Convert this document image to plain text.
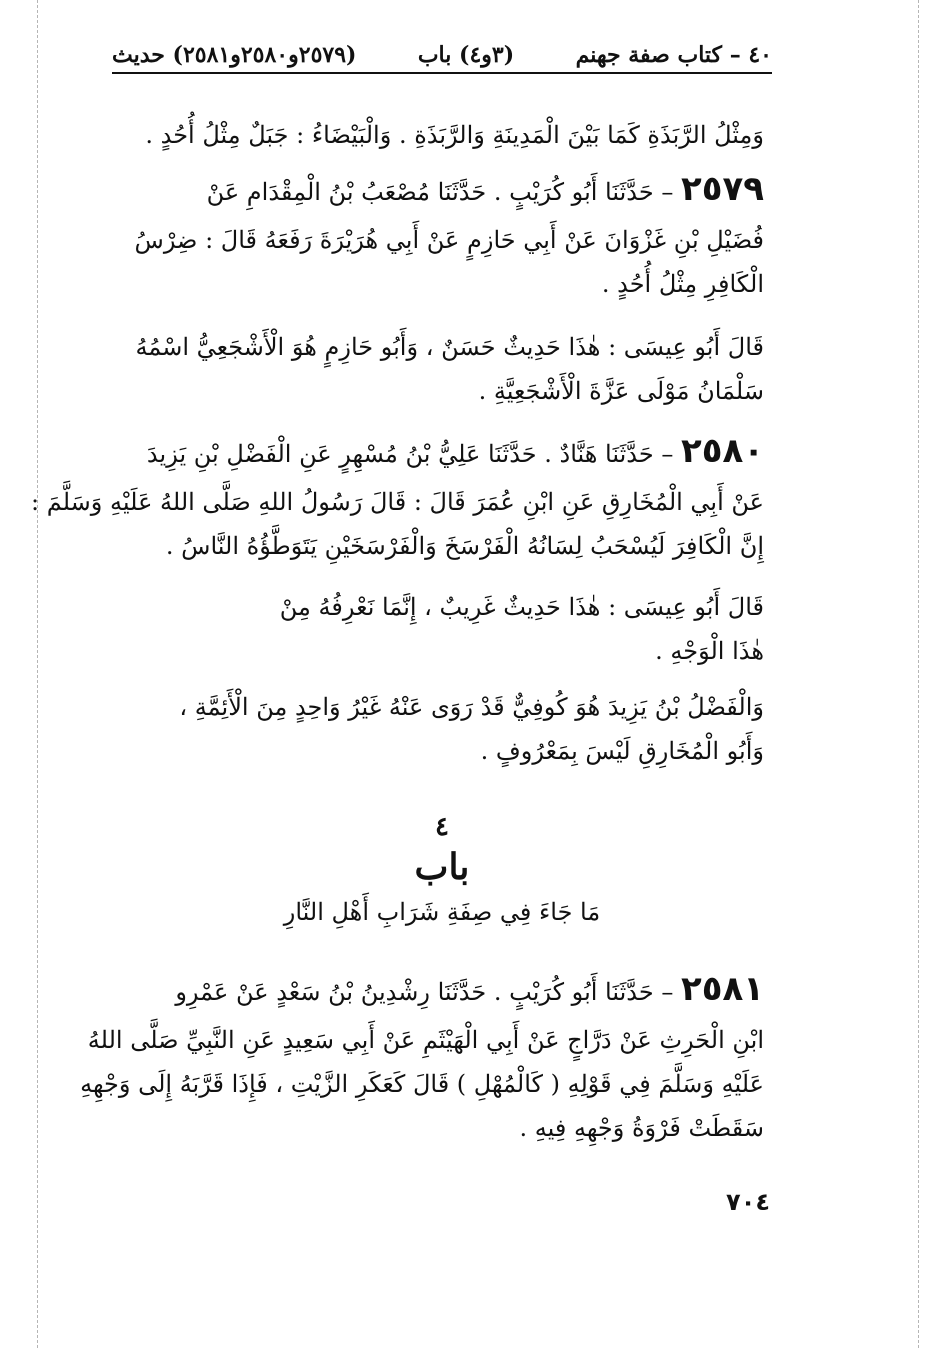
٤٠ – كتاب صفة جهنم
(٣و٤) باب
(٢٥٧٩و٢٥٨٠و٢٥٨١) حديث
وَمِثْلُ الرَّبَذَةِ كَمَا بَيْنَ الْمَدِينَةِ وَالرَّبَذَةِ . وَالْبَيْضَاءُ : جَبَلٌ مِثْلُ أُحُدٍ .
٢٥٧٩ – حَدَّثَنَا أَبُو كُرَيْبٍ . حَدَّثَنَا مُصْعَبُ بْنُ الْمِقْدَامِ عَنْ
فُضَيْلِ بْنِ غَزْوَانَ عَنْ أَبِي حَازِمٍ عَنْ أَبِي هُرَيْرَةَ رَفَعَهُ قَالَ : ضِرْسُ
الْكَافِرِ مِثْلُ أُحُدٍ .
قَالَ أَبُو عِيسَى : هٰذَا حَدِيثٌ حَسَنٌ ، وَأَبُو حَازِمٍ هُوَ الْأَشْجَعِيُّ اسْمُهُ
سَلْمَانُ مَوْلَى عَزَّةَ الْأَشْجَعِيَّةِ .
٢٥٨٠ – حَدَّثَنَا هَنَّادٌ . حَدَّثَنَا عَلِيُّ بْنُ مُسْهِرٍ عَنِ الْفَضْلِ بْنِ يَزِيدَ
عَنْ أَبِي الْمُخَارِقِ عَنِ ابْنِ عُمَرَ قَالَ : قَالَ رَسُولُ اللهِ صَلَّى اللهُ عَلَيْهِ وَسَلَّمَ :
إِنَّ الْكَافِرَ لَيُسْحَبُ لِسَانُهُ الْفَرْسَخَ وَالْفَرْسَخَيْنِ يَتَوَطَّؤُهُ النَّاسُ .
قَالَ أَبُو عِيسَى : هٰذَا حَدِيثٌ غَرِيبٌ ، إِنَّمَا نَعْرِفُهُ مِنْ
هٰذَا الْوَجْهِ .
وَالْفَضْلُ بْنُ يَزِيدَ هُوَ كُوفِيٌّ قَدْ رَوَى عَنْهُ غَيْرُ وَاحِدٍ مِنَ الْأَئِمَّةِ ،
وَأَبُو الْمُخَارِقِ لَيْسَ بِمَعْرُوفٍ .
٤
باب
مَا جَاءَ فِي صِفَةِ شَرَابِ أَهْلِ النَّارِ
٢٥٨١ – حَدَّثَنَا أَبُو كُرَيْبٍ . حَدَّثَنَا رِشْدِينُ بْنُ سَعْدٍ عَنْ عَمْرِو
ابْنِ الْحَرِثِ عَنْ دَرَّاجٍ عَنْ أَبِي الْهَيْثَمِ عَنْ أَبِي سَعِيدٍ عَنِ النَّبِيِّ صَلَّى اللهُ
عَلَيْهِ وَسَلَّمَ فِي قَوْلِهِ ( كَالْمُهْلِ ) قَالَ كَعَكَرِ الزَّيْتِ ، فَإِذَا قَرَّبَهُ إِلَى وَجْهِهِ
سَقَطَتْ فَرْوَةُ وَجْهِهِ فِيهِ .
٧٠٤
